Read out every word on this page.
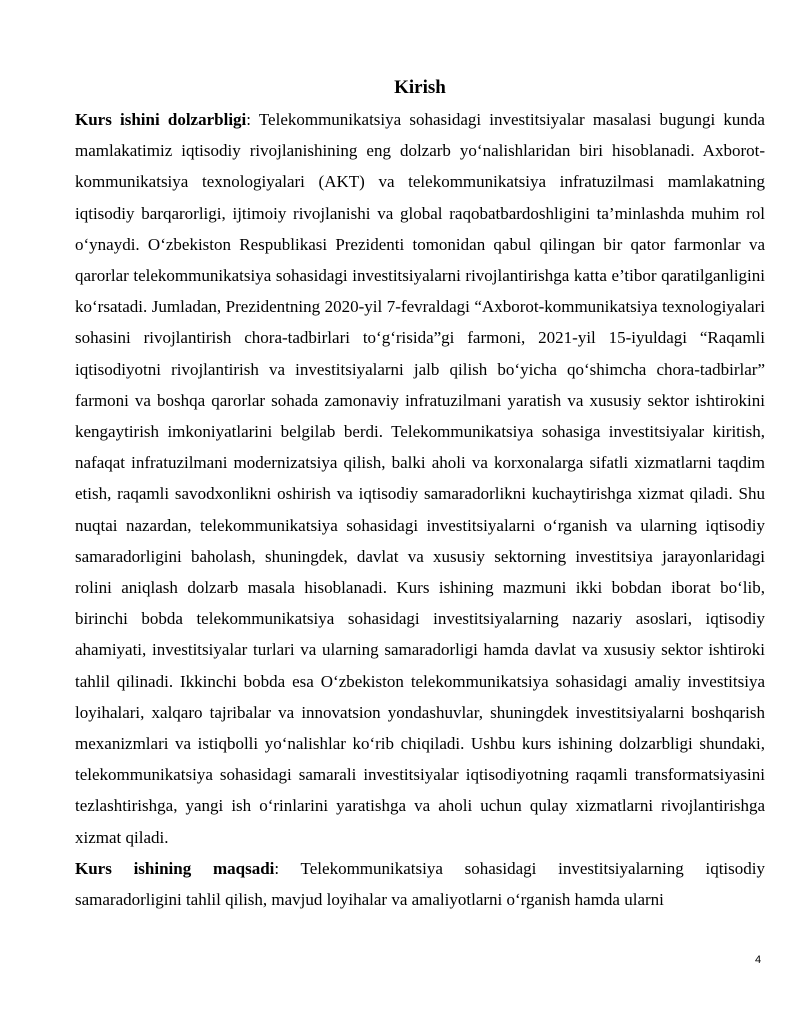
Kirish

Kurs ishini dolzarbligi: Telekommunikatsiya sohasidagi investitsiyalar masalasi bugungi kunda mamlakatimiz iqtisodiy rivojlanishining eng dolzarb yo‘nalishlaridan biri hisoblanadi. Axborot-kommunikatsiya texnologiyalari (AKT) va telekommunikatsiya infratuzilmasi mamlakatning iqtisodiy barqarorligi, ijtimoiy rivojlanishi va global raqobatbardoshligini ta’minlashda muhim rol o‘ynaydi. O‘zbekiston Respublikasi Prezidenti tomonidan qabul qilingan bir qator farmonlar va qarorlar telekommunikatsiya sohasidagi investitsiyalarni rivojlantirishga katta e’tibor qaratilganligini ko‘rsatadi. Jumladan, Prezidentning 2020-yil 7-fevraldagi “Axborot-kommunikatsiya texnologiyalari sohasini rivojlantirish chora-tadbirlari to‘g‘risida”gi farmoni, 2021-yil 15-iyuldagi “Raqamli iqtisodiyotni rivojlantirish va investitsiyalarni jalb qilish bo‘yicha qo‘shimcha chora-tadbirlar” farmoni va boshqa qarorlar sohada zamonaviy infratuzilmani yaratish va xususiy sektor ishtirokini kengaytirish imkoniyatlarini belgilab berdi. Telekommunikatsiya sohasiga investitsiyalar kiritish, nafaqat infratuzilmani modernizatsiya qilish, balki aholi va korxonalarga sifatli xizmatlarni taqdim etish, raqamli savodxonlikni oshirish va iqtisodiy samaradorlikni kuchaytirishga xizmat qiladi. Shu nuqtai nazardan, telekommunikatsiya sohasidagi investitsiyalarni o‘rganish va ularning iqtisodiy samaradorligini baholash, shuningdek, davlat va xususiy sektorning investitsiya jarayonlaridagi rolini aniqlash dolzarb masala hisoblanadi. Kurs ishining mazmuni ikki bobdan iborat bo‘lib, birinchi bobda telekommunikatsiya sohasidagi investitsiyalarning nazariy asoslari, iqtisodiy ahamiyati, investitsiyalar turlari va ularning samaradorligi hamda davlat va xususiy sektor ishtiroki tahlil qilinadi. Ikkinchi bobda esa O‘zbekiston telekommunikatsiya sohasidagi amaliy investitsiya loyihalari, xalqaro tajribalar va innovatsion yondashuvlar, shuningdek investitsiyalarni boshqarish mexanizmlari va istiqbolli yo‘nalishlar ko‘rib chiqiladi. Ushbu kurs ishining dolzarbligi shundaki, telekommunikatsiya sohasidagi samarali investitsiyalar iqtisodiyotning raqamli transformatsiyasini tezlashtirishga, yangi ish o‘rinlarini yaratishga va aholi uchun qulay xizmatlarni rivojlantirishga xizmat qiladi.

Kurs ishining maqsadi: Telekommunikatsiya sohasidagi investitsiyalarning iqtisodiy samaradorligini tahlil qilish, mavjud loyihalar va amaliyotlarni o‘rganish hamda ularni

4
